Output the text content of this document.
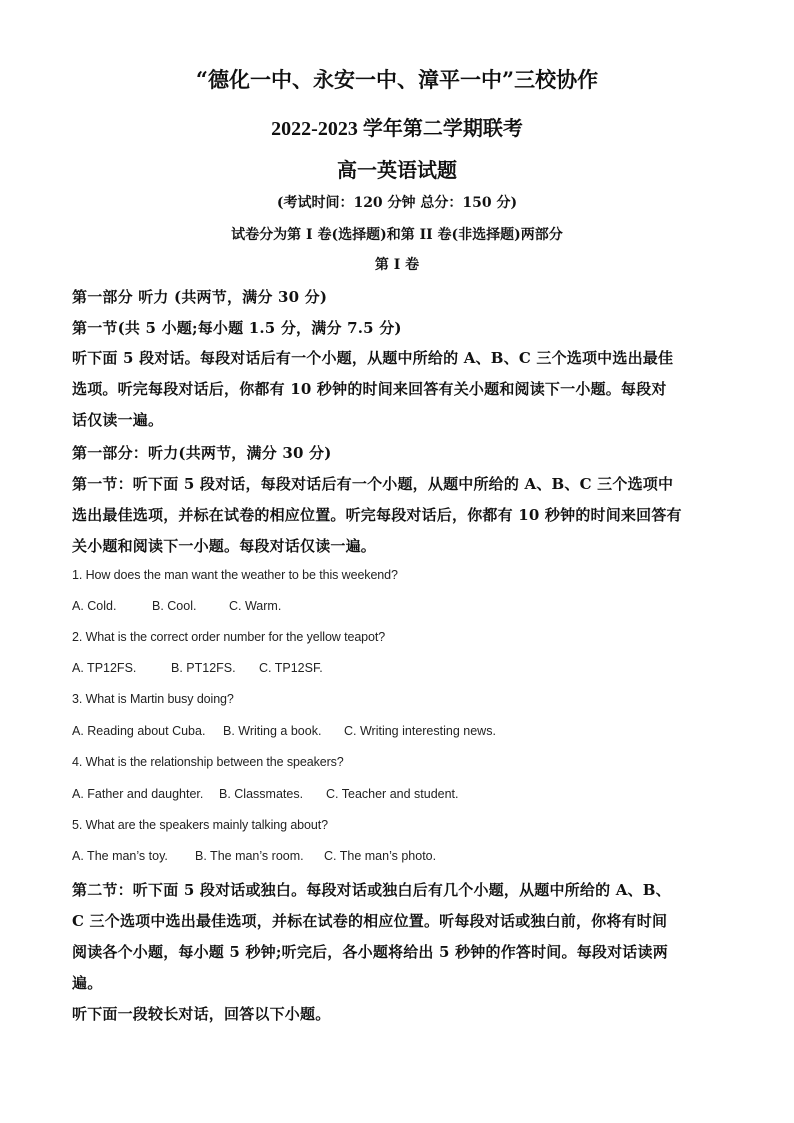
“德化一中、永安一中、漳平一中”三校协作
2022-2023 学年第二学期联考
高一英语试题
(考试时间：120 分钟 总分：150 分)
试卷分为第 I 卷(选择题)和第 II 卷(非选择题)两部分
第 I 卷
第一部分 听力 (共两节，满分 30 分)
第一节(共 5 小题;每小题 1.5 分，满分 7.5 分)
听下面 5 段对话。每段对话后有一个小题，从题中所给的 A、B、C 三个选项中选出最佳
选项。听完每段对话后，你都有 10 秒钟的时间来回答有关小题和阅读下一小题。每段对
话仅读一遍。
第一部分：听力(共两节，满分 30 分)
第一节：听下面 5 段对话，每段对话后有一个小题，从题中所给的 A、B、C 三个选项中
选出最佳选项，并标在试卷的相应位置。听完每段对话后，你都有 10 秒钟的时间来回答有
关小题和阅读下一小题。每段对话仅读一遍。
1. How does the man want the weather to be this weekend?
A. Cold.	B. Cool.	C. Warm.
2. What is the correct order number for the yellow teapot?
A. TP12FS.	B. PT12FS. C. TP12SF.
3. What is Martin busy doing?
A. Reading about Cuba. B. Writing a book. C. Writing interesting news.
4. What is the relationship between the speakers?
A. Father and daughter. B. Classmates. C. Teacher and student.
5. What are the speakers mainly talking about?
A. The man’s toy. B. The man’s room. C. The man’s photo.
第二节：听下面 5 段对话或独白。每段对话或独白后有几个小题，从题中所给的 A、B、
C 三个选项中选出最佳选项，并标在试卷的相应位置。听每段对话或独白前，你将有时间
阅读各个小题，每小题 5 秒钟;听完后，各小题将给出 5 秒钟的作答时间。每段对话读两
遍。
听下面一段较长对话，回答以下小题。
